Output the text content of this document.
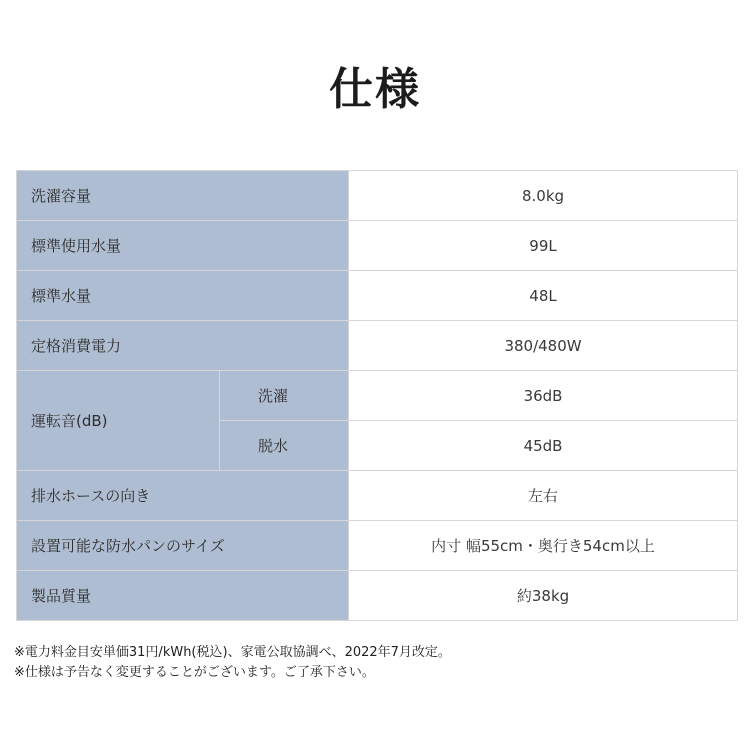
仕様
洗濯容量		8.0kg
標準使用水量		99L
標準水量		48L
定格消費電力		380/480W
運転音(dB)	洗濯	36dB
	脱水	45dB
排水ホースの向き		左右
設置可能な防水パンのサイズ		内寸 幅55cm・奥行き54cm以上
製品質量		約38kg
※電力料金目安単価31円/kWh(税込)、家電公取協調べ、2022年7月改定。
※仕様は予告なく変更することがございます。ご了承下さい。
